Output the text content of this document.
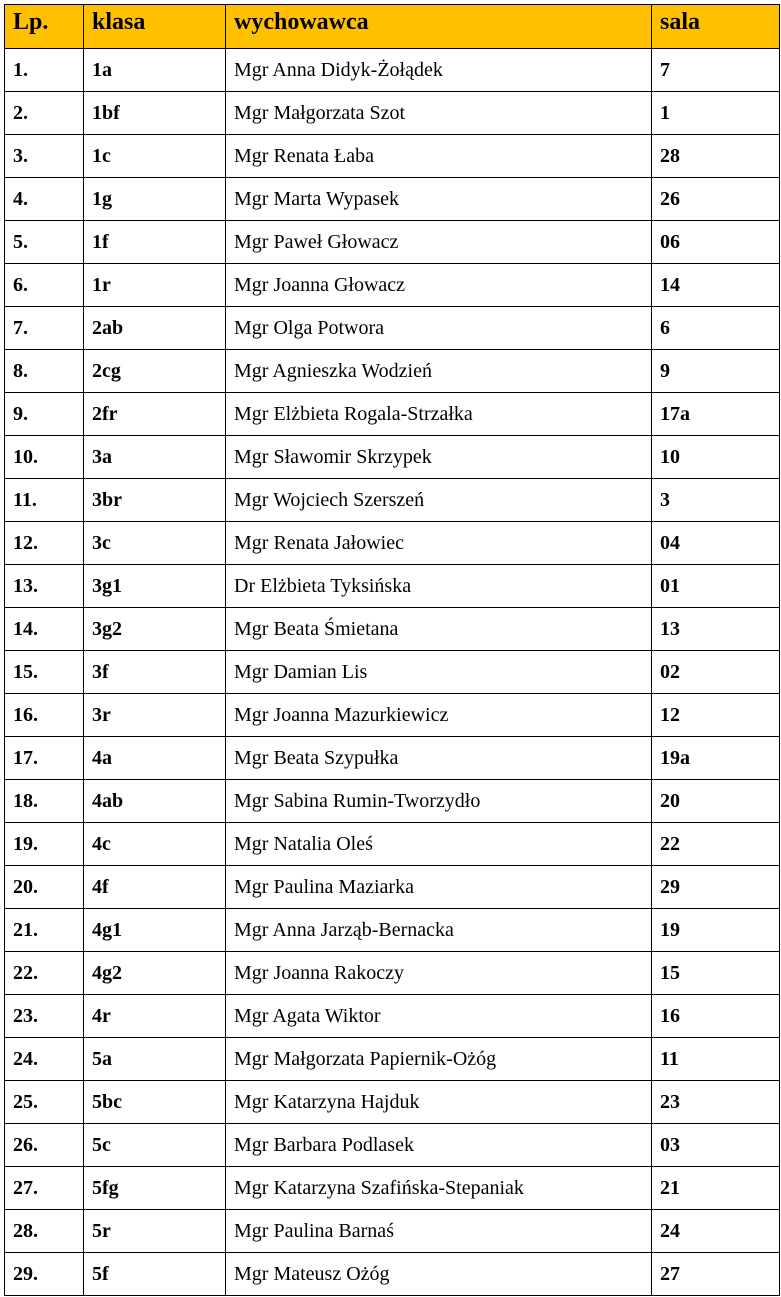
Lp.	klasa	wychowawca	sala
1.	1a	Mgr Anna Didyk-Żołądek	7
2.	1bf	Mgr Małgorzata Szot	1
3.	1c	Mgr Renata Łaba	28
4.	1g	Mgr Marta Wypasek	26
5.	1f	Mgr Paweł Głowacz	06
6.	1r	Mgr Joanna Głowacz	14
7.	2ab	Mgr Olga Potwora	6
8.	2cg	Mgr Agnieszka Wodzień	9
9.	2fr	Mgr Elżbieta Rogala-Strzałka	17a
10.	3a	Mgr Sławomir Skrzypek	10
11.	3br	Mgr Wojciech Szerszeń	3
12.	3c	Mgr Renata Jałowiec	04
13.	3g1	Dr Elżbieta Tyksińska	01
14.	3g2	Mgr Beata Śmietana	13
15.	3f	Mgr Damian Lis	02
16.	3r	Mgr Joanna Mazurkiewicz	12
17.	4a	Mgr Beata Szypułka	19a
18.	4ab	Mgr Sabina Rumin-Tworzydło	20
19.	4c	Mgr Natalia Oleś	22
20.	4f	Mgr Paulina Maziarka	29
21.	4g1	Mgr Anna Jarząb-Bernacka	19
22.	4g2	Mgr Joanna Rakoczy	15
23.	4r	Mgr Agata Wiktor	16
24.	5a	Mgr Małgorzata Papiernik-Ożóg	11
25.	5bc	Mgr Katarzyna Hajduk	23
26.	5c	Mgr Barbara Podlasek	03
27.	5fg	Mgr Katarzyna Szafińska-Stepaniak	21
28.	5r	Mgr Paulina Barnaś	24
29.	5f	Mgr Mateusz Ożóg	27
